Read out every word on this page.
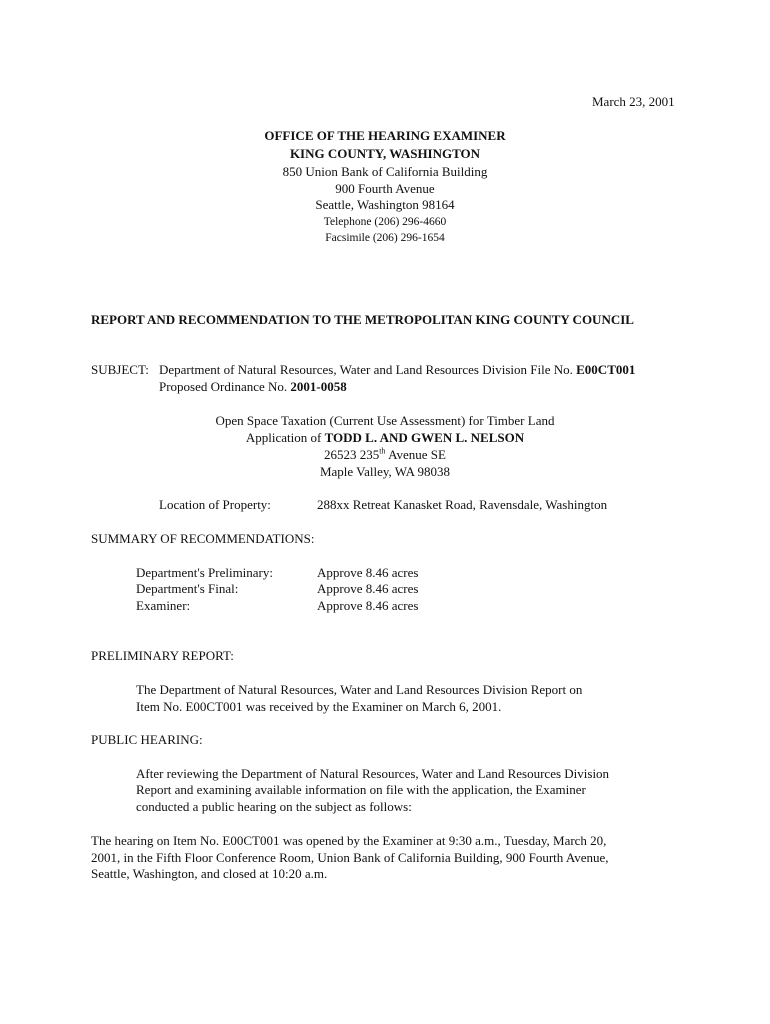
March 23, 2001
OFFICE OF THE HEARING EXAMINER
KING COUNTY, WASHINGTON
850 Union Bank of California Building
900 Fourth Avenue
Seattle, Washington 98164
Telephone (206) 296-4660
Facsimile (206) 296-1654
REPORT AND RECOMMENDATION TO THE METROPOLITAN KING COUNTY COUNCIL
SUBJECT: Department of Natural Resources, Water and Land Resources Division File No. E00CT001
Proposed Ordinance No. 2001-0058
Open Space Taxation (Current Use Assessment) for Timber Land
Application of TODD L. AND GWEN L. NELSON
26523 235th Avenue SE
Maple Valley, WA 98038
Location of Property:	288xx Retreat Kanasket Road, Ravensdale, Washington
SUMMARY OF RECOMMENDATIONS:
Department's Preliminary:	Approve 8.46 acres
Department's Final:	Approve 8.46 acres
Examiner:	Approve 8.46 acres
PRELIMINARY REPORT:
The Department of Natural Resources, Water and Land Resources Division Report on
Item No. E00CT001 was received by the Examiner on March 6, 2001.
PUBLIC HEARING:
After reviewing the Department of Natural Resources, Water and Land Resources Division
Report and examining available information on file with the application, the Examiner
conducted a public hearing on the subject as follows:
The hearing on Item No. E00CT001 was opened by the Examiner at 9:30 a.m., Tuesday, March 20,
2001, in the Fifth Floor Conference Room, Union Bank of California Building, 900 Fourth Avenue,
Seattle, Washington, and closed at 10:20 a.m.
